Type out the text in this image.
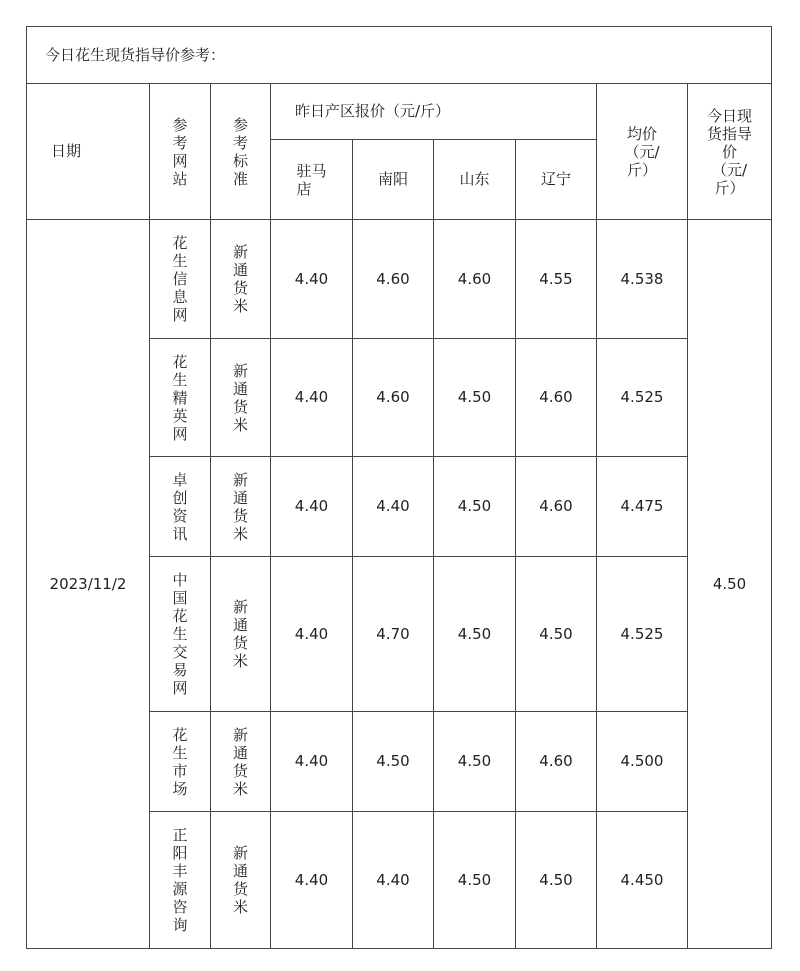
今日花生现货指导价参考：								
日期	参考网站	参考标准	昨日产区报价（元/斤）				均价（元/斤）	今日现货指导价（元/斤）

			驻马店	南阳	山东	辽宁		
2023/11/2	花生信息网	新通货米	4.40	4.60	4.60	4.55	4.538	4.50

	花生精英网	新通货米	4.40	4.60	4.50	4.60	4.525	

	卓创资讯	新通货米	4.40	4.40	4.50	4.60	4.475	

	中国花生交易网	新通货米	4.40	4.70	4.50	4.50	4.525	

	花生市场	新通货米	4.40	4.50	4.50	4.60	4.500	

	正阳丰源咨询	新通货米	4.40	4.40	4.50	4.50	4.450	
